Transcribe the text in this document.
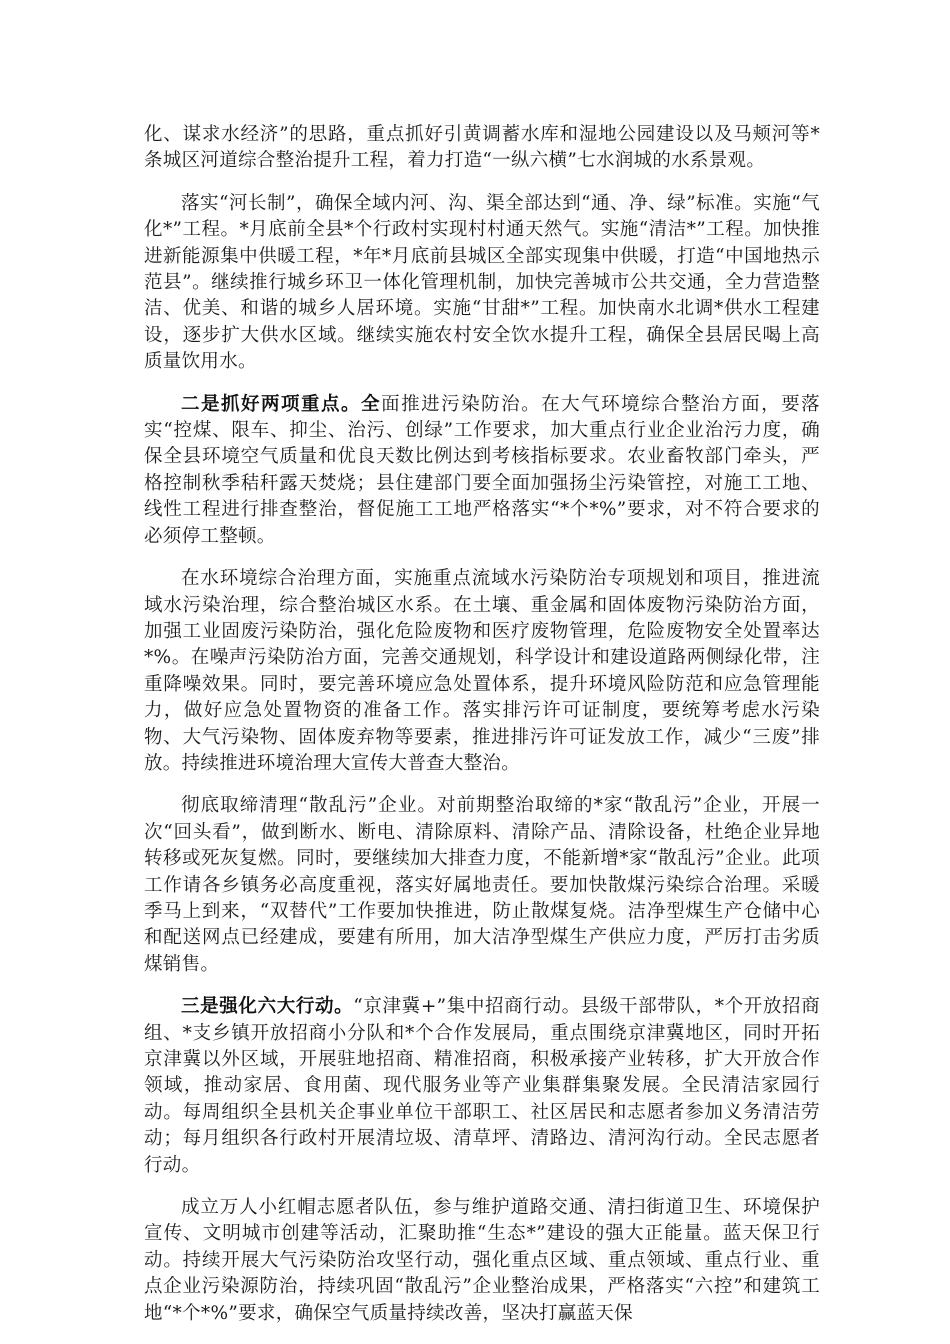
化、谋求水经济”的思路，重点抓好引黄调蓄水库和湿地公园建设以及马颊河等*条城区河道综合整治提升工程，着力打造“一纵六横”七水润城的水系景观。

落实“河长制”，确保全域内河、沟、渠全部达到“通、净、绿”标准。实施“气化*”工程。*月底前全县*个行政村实现村村通天然气。实施“清洁*”工程。加快推进新能源集中供暖工程，*年*月底前县城区全部实现集中供暖，打造“中国地热示范县”。继续推行城乡环卫一体化管理机制，加快完善城市公共交通，全力营造整洁、优美、和谐的城乡人居环境。实施“甘甜*”工程。加快南水北调*供水工程建设，逐步扩大供水区域。继续实施农村安全饮水提升工程，确保全县居民喝上高质量饮用水。

二是抓好两项重点。全面推进污染防治。在大气环境综合整治方面，要落实“控煤、限车、抑尘、治污、创绿”工作要求，加大重点行业企业治污力度，确保全县环境空气质量和优良天数比例达到考核指标要求。农业畜牧部门牵头，严格控制秋季秸秆露天焚烧；县住建部门要全面加强扬尘污染管控，对施工工地、线性工程进行排查整治，督促施工工地严格落实“*个*%”要求，对不符合要求的必须停工整顿。

在水环境综合治理方面，实施重点流域水污染防治专项规划和项目，推进流域水污染治理，综合整治城区水系。在土壤、重金属和固体废物污染防治方面，加强工业固废污染防治，强化危险废物和医疗废物管理，危险废物安全处置率达*%。在噪声污染防治方面，完善交通规划，科学设计和建设道路两侧绿化带，注重降噪效果。同时，要完善环境应急处置体系，提升环境风险防范和应急管理能力，做好应急处置物资的准备工作。落实排污许可证制度，要统筹考虑水污染物、大气污染物、固体废弃物等要素，推进排污许可证发放工作，减少“三废”排放。持续推进环境治理大宣传大普查大整治。

彻底取缔清理“散乱污”企业。对前期整治取缔的*家“散乱污”企业，开展一次“回头看”，做到断水、断电、清除原料、清除产品、清除设备，杜绝企业异地转移或死灰复燃。同时，要继续加大排查力度，不能新增*家“散乱污”企业。此项工作请各乡镇务必高度重视，落实好属地责任。要加快散煤污染综合治理。采暖季马上到来，“双替代”工作要加快推进，防止散煤复烧。洁净型煤生产仓储中心和配送网点已经建成，要建有所用，加大洁净型煤生产供应力度，严厉打击劣质煤销售。

三是强化六大行动。“京津冀+”集中招商行动。县级干部带队，*个开放招商组、*支乡镇开放招商小分队和*个合作发展局，重点围绕京津冀地区，同时开拓京津冀以外区域，开展驻地招商、精准招商，积极承接产业转移，扩大开放合作领域，推动家居、食用菌、现代服务业等产业集群集聚发展。全民清洁家园行动。每周组织全县机关企事业单位干部职工、社区居民和志愿者参加义务清洁劳动；每月组织各行政村开展清垃圾、清草坪、清路边、清河沟行动。全民志愿者行动。

成立万人小红帽志愿者队伍，参与维护道路交通、清扫街道卫生、环境保护宣传、文明城市创建等活动，汇聚助推“生态*”建设的强大正能量。蓝天保卫行动。持续开展大气污染防治攻坚行动，强化重点区域、重点领域、重点行业、重点企业污染源防治，持续巩固“散乱污”企业整治成果，严格落实“六控”和建筑工地“*个*%”要求，确保空气质量持续改善，坚决打赢蓝天保
